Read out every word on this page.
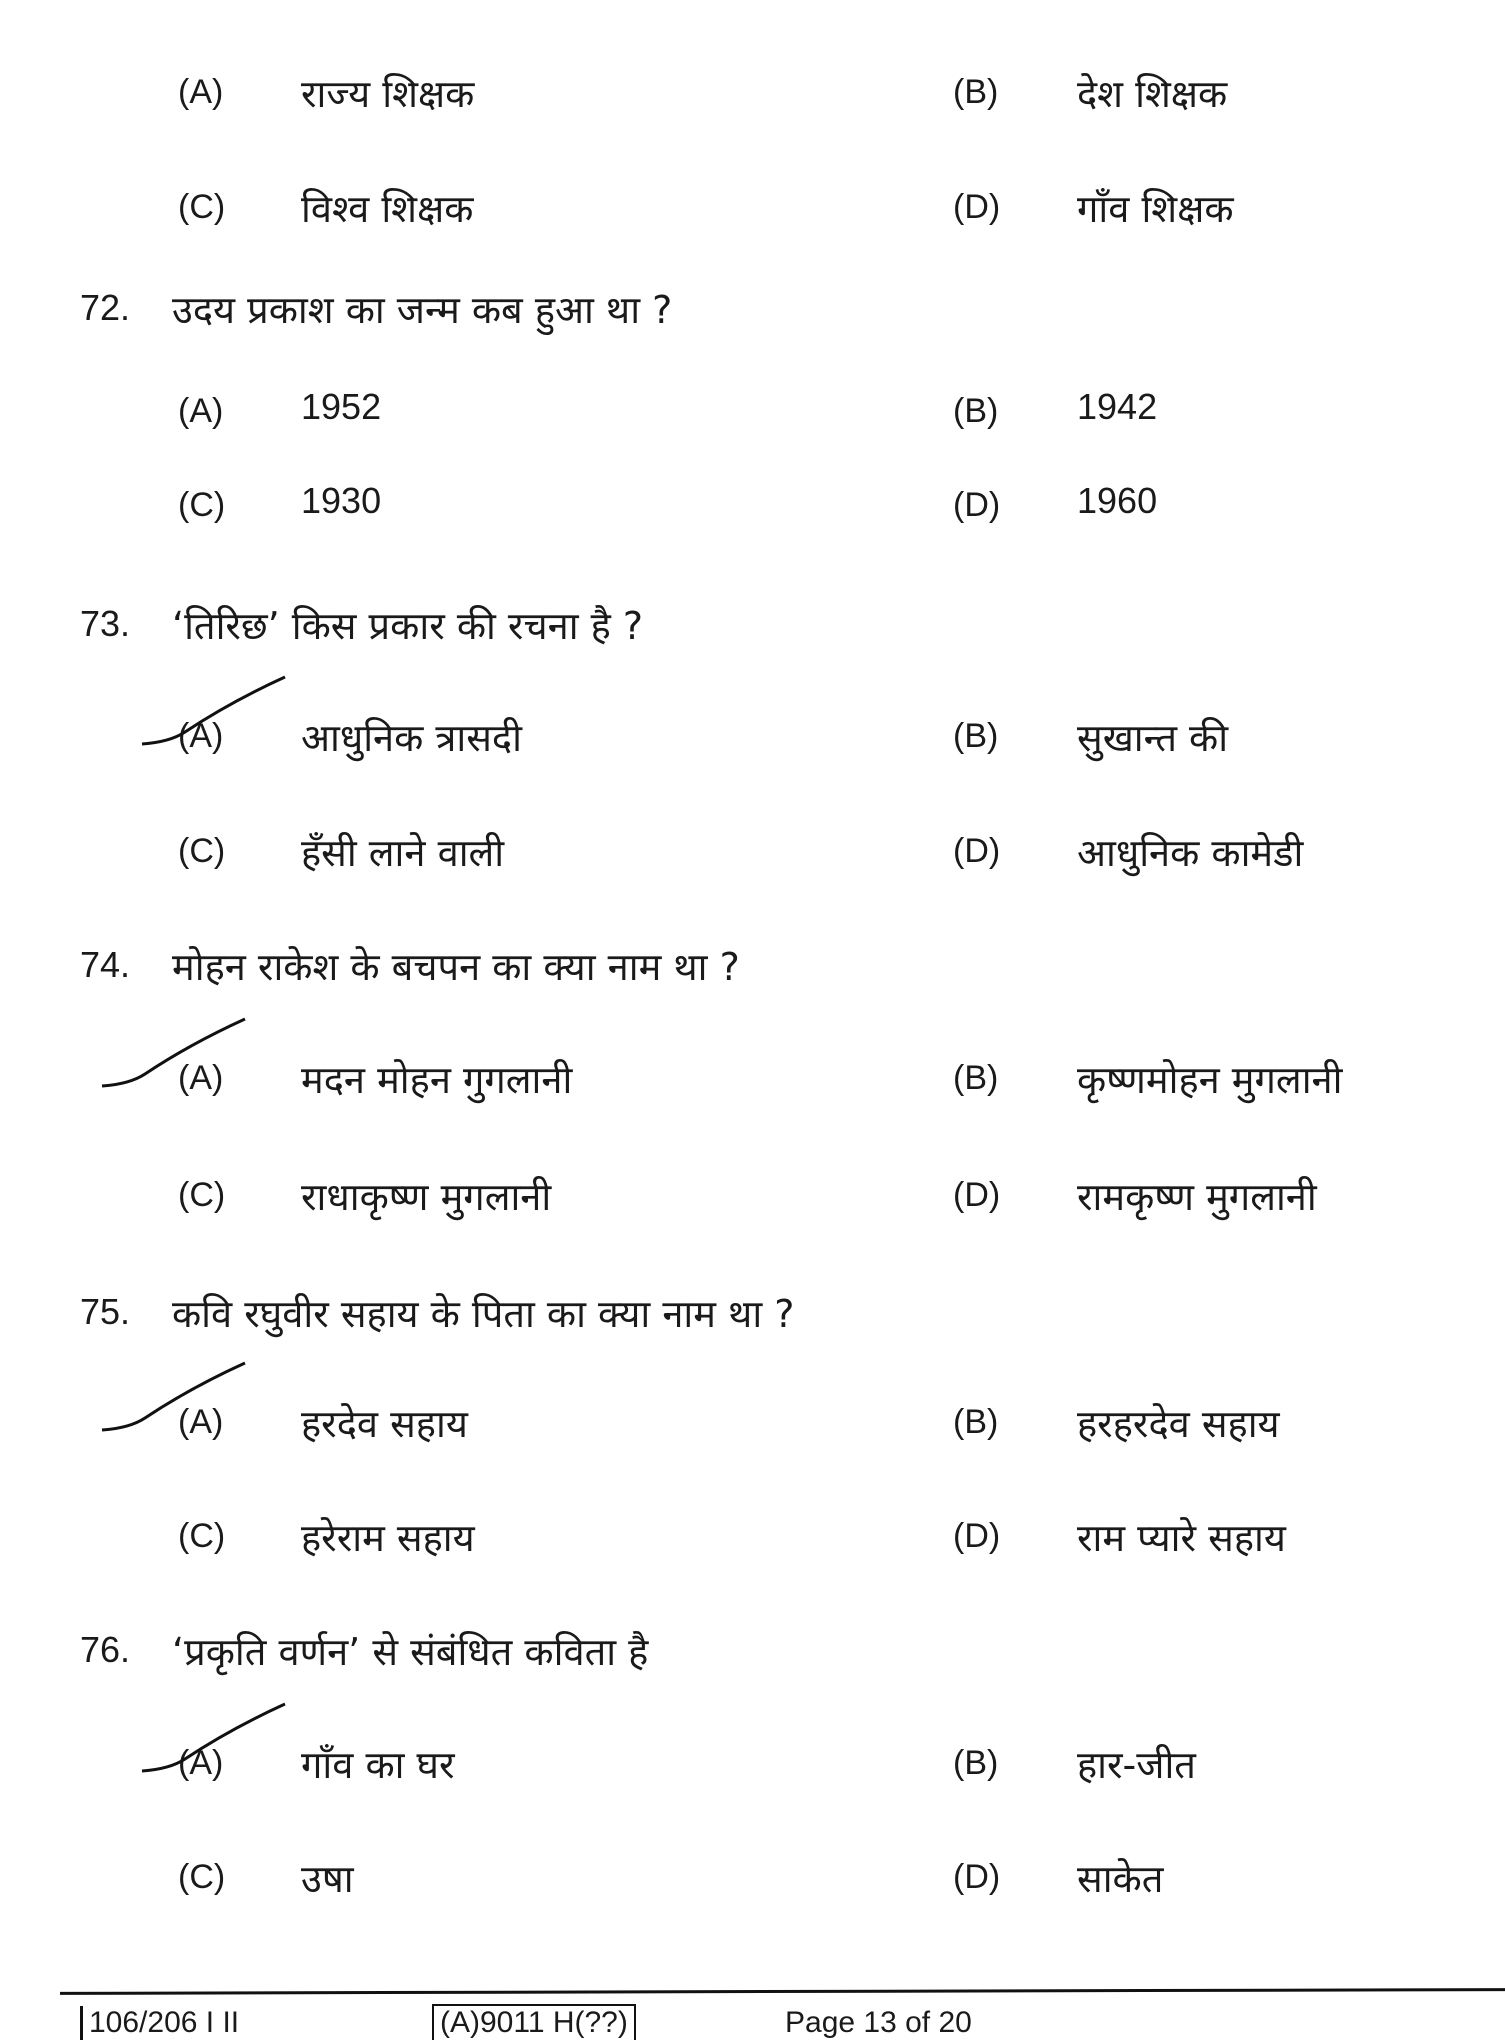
(A) राज्य शिक्षक	(B) देश शिक्षक
(C) विश्व शिक्षक	(D) गाँव शिक्षक
72. उदय प्रकाश का जन्म कब हुआ था ?
(A) 1952	(B) 1942
(C) 1930	(D) 1960
73. ‘तिरिछ’ किस प्रकार की रचना है ?
(A) आधुनिक त्रासदी	(B) सुखान्त की
(C) हँसी लाने वाली	(D) आधुनिक कामेडी
74. मोहन राकेश के बचपन का क्या नाम था ?
(A) मदन मोहन गुगलानी	(B) कृष्णमोहन मुगलानी
(C) राधाकृष्ण मुगलानी	(D) रामकृष्ण मुगलानी
75. कवि रघुवीर सहाय के पिता का क्या नाम था ?
(A) हरदेव सहाय	(B) हरहरदेव सहाय
(C) हरेराम सहाय	(D) राम प्यारे सहाय
76. ‘प्रकृति वर्णन’ से संबंधित कविता है
(A) गाँव का घर	(B) हार-जीत
(C) उषा	(D) साकेत
106/206 I II	(A)9011 H(??)	Page 13 of 20
